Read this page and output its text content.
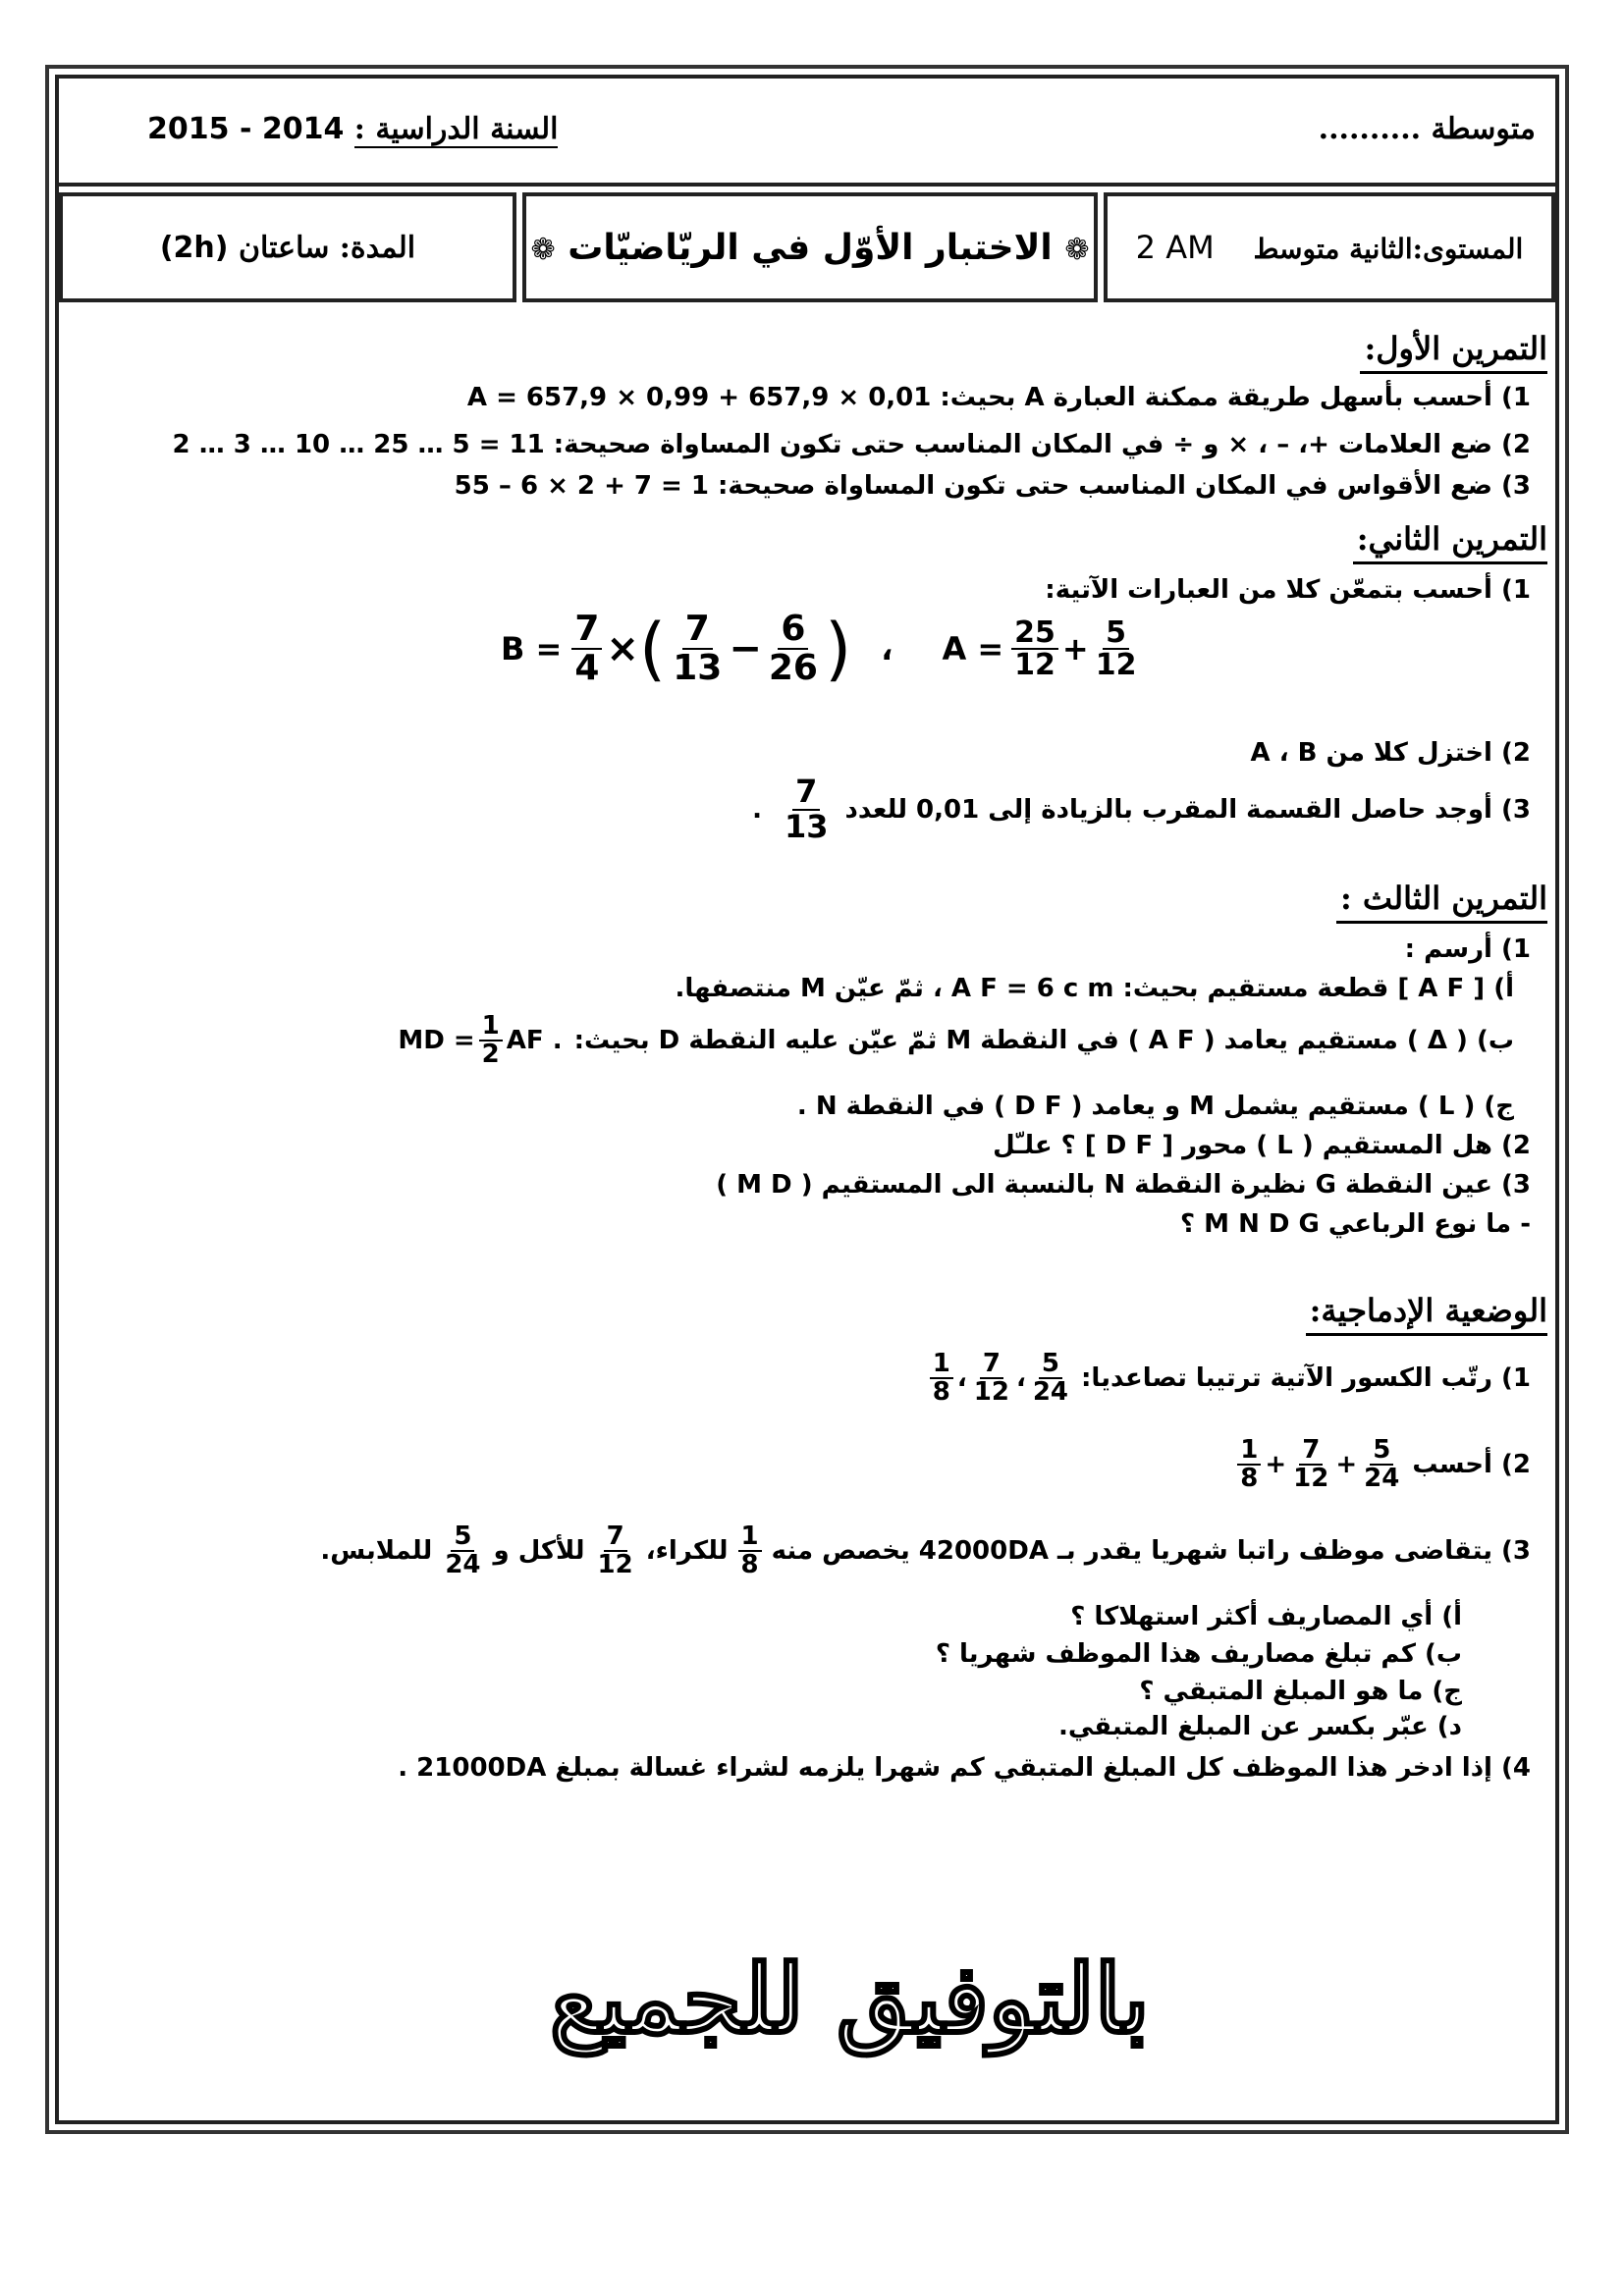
متوسطة ..........
السنة الدراسية : 2015 - 2014
المدة: ساعتان (2h)	❁ الاختبار الأوّل في الريّاضيّات ❁	المستوى:الثانية متوسط 2 AM
التمرين الأول:
1) أحسب بأسهل طريقة ممكنة العبارة A بحيث: A = 657,9 × 0,99 + 657,9 × 0,01
2) ضع العلامات +، – ، × و ÷ في المكان المناسب حتى تكون المساواة صحيحة: 11 = 5 … 25 … 10 … 3 … 2
3) ضع الأقواس في المكان المناسب حتى تكون المساواة صحيحة: 1 = 7 + 2 × 6 – 55
التمرين الثاني:
1) أحسب بتمعّن كلا من العبارات الآتية:
$B = \frac{7}{4}$ × ( $\frac{7}{13} - \frac{6}{26}$ ) ، $A = \frac{25}{12} + \frac{5}{12}$
2) اختزل كلا من A ، B
3) أوجد حاصل القسمة المقرب بالزيادة إلى 0,01 للعدد
$\frac{7}{13}$
.
التمرين الثالث :
1) أرسم :
أ) [ A F ] قطعة مستقيم بحيث: A F = 6 c m ، ثمّ عيّن M منتصفها.
ب) ( Δ ) مستقيم يعامد ( A F ) في النقطة M ثمّ عيّن عليه النقطة D بحيث:
MD = $\frac{1}{2}$ AF .
ج) ( L ) مستقيم يشمل M و يعامد ( D F ) في النقطة N .
2) هل المستقيم ( L ) محور [ D F ] ؟ علـّل
3) عين النقطة G نظيرة النقطة N بالنسبة الى المستقيم ( M D )
- ما نوع الرباعي M N D G ؟
الوضعية الإدماجية:
1) رتّب الكسور الآتية ترتيبا تصاعديا:
$\frac{5}{24}$
،
$\frac{7}{12}$
،
$\frac{1}{8}$
2) أحسب
$\frac{5}{24}$
+
$\frac{7}{12}$
+
$\frac{1}{8}$
3) يتقاضى موظف راتبا شهريا يقدر بـ 42000DA يخصص منه
$\frac{1}{8}$
للكراء،
$\frac{7}{12}$
للأكل و
$\frac{5}{24}$
للملابس.
أ) أي المصاريف أكثر استهلاكا ؟
ب) كم تبلغ مصاريف هذا الموظف شهريا ؟
ج) ما هو المبلغ المتبقي ؟
د) عبّر بكسر عن المبلغ المتبقي.
4) إذا ادخر هذا الموظف كل المبلغ المتبقي كم شهرا يلزمه لشراء غسالة بمبلغ 21000DA .
بالتوفيق للجميع
